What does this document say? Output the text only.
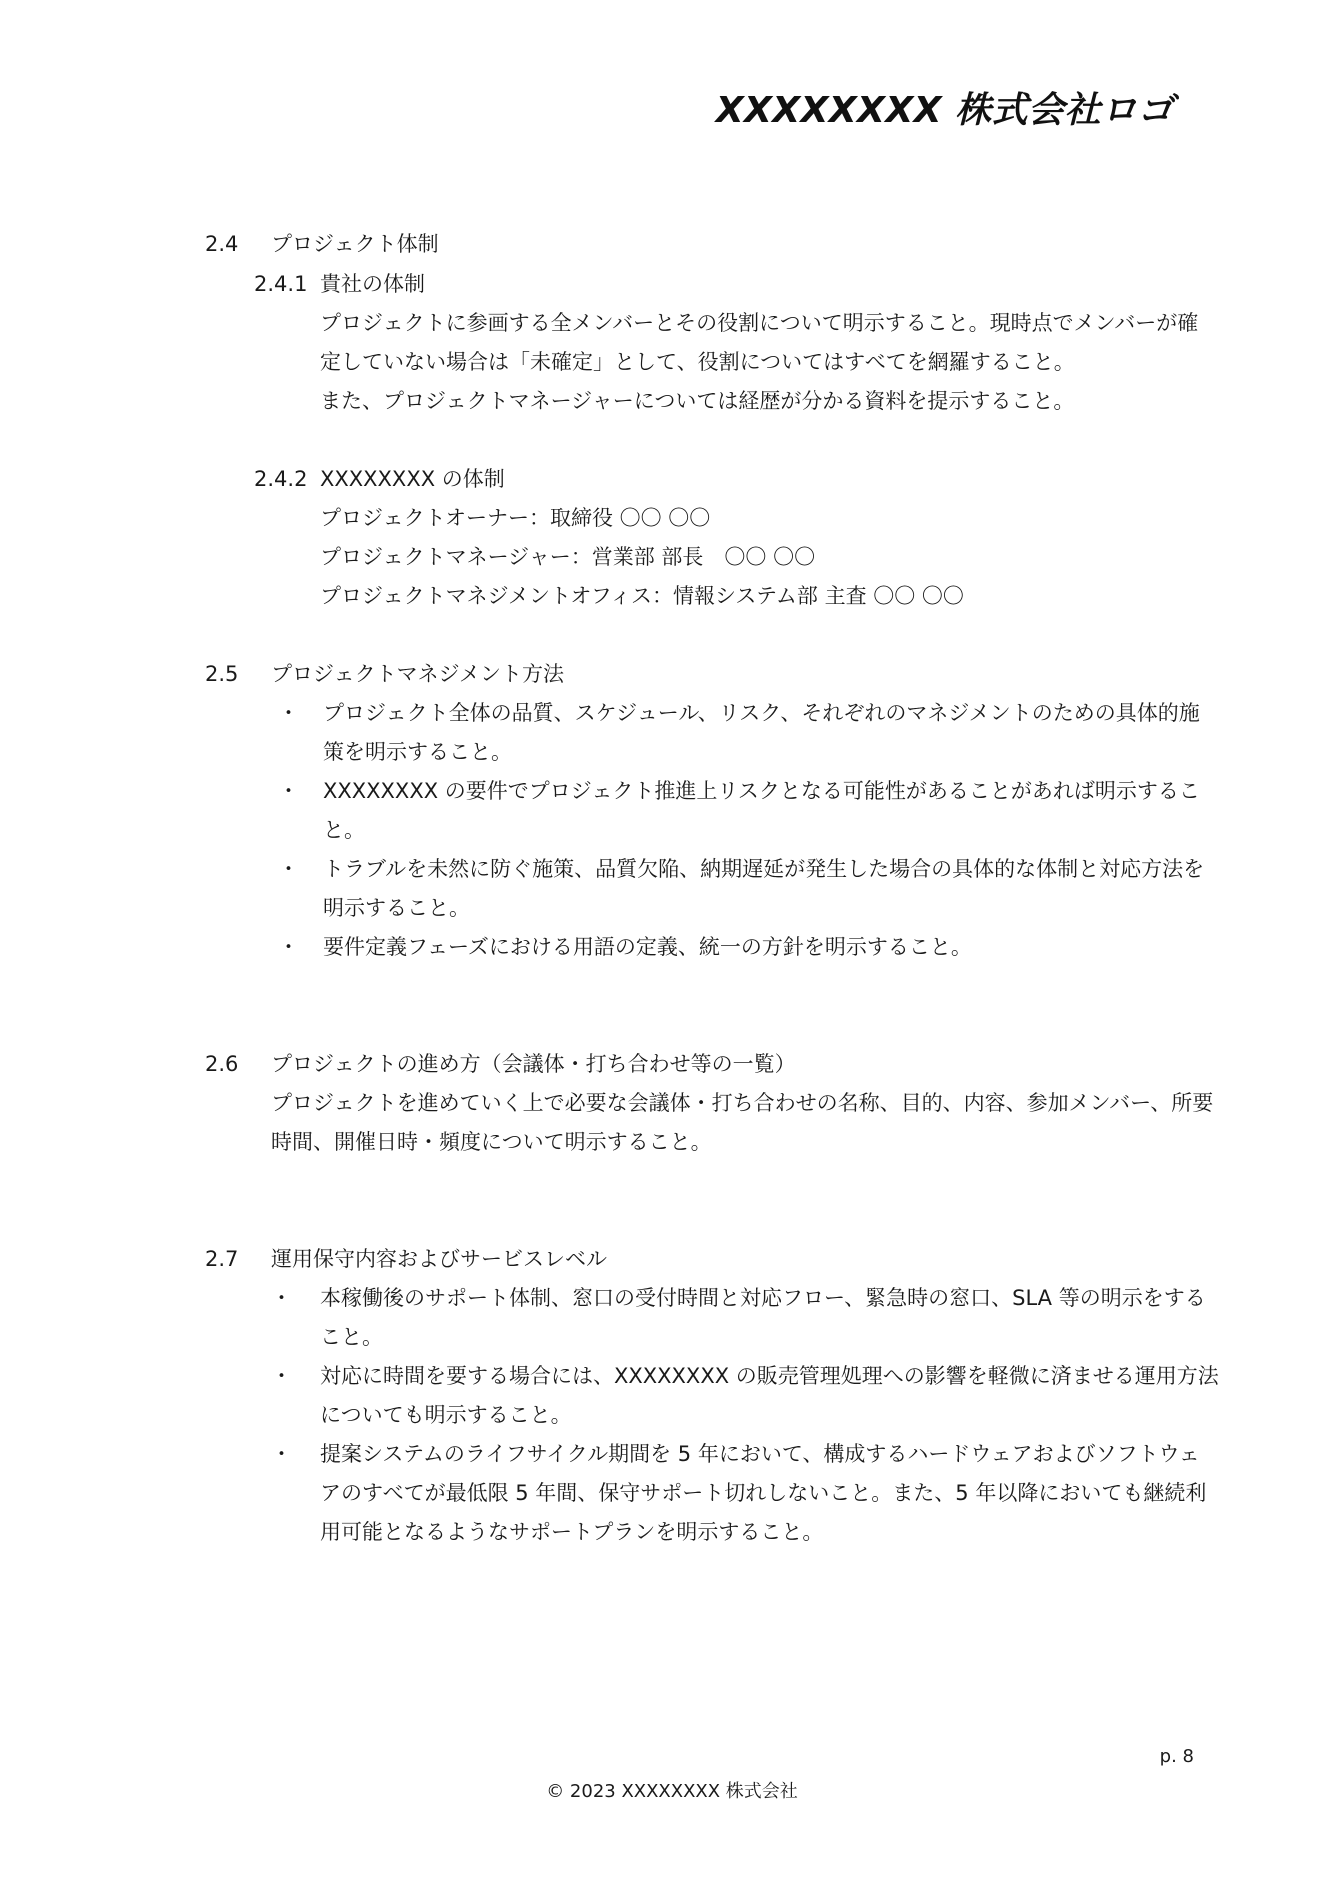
XXXXXXXX 株式会社ロゴ
2.4 プロジェクト体制
2.4.1 貴社の体制
プロジェクトに参画する全メンバーとその役割について明示すること。現時点でメンバーが確
定していない場合は「未確定」として、役割についてはすべてを網羅すること。
また、プロジェクトマネージャーについては経歴が分かる資料を提示すること。
2.4.2 XXXXXXXX の体制
プロジェクトオーナー：取締役 〇〇 〇〇
プロジェクトマネージャー：営業部 部長　〇〇 〇〇
プロジェクトマネジメントオフィス：情報システム部 主査 〇〇 〇〇
2.5 プロジェクトマネジメント方法
・ プロジェクト全体の品質、スケジュール、リスク、それぞれのマネジメントのための具体的施
策を明示すること。
・ XXXXXXXX の要件でプロジェクト推進上リスクとなる可能性があることがあれば明示するこ
と。
・ トラブルを未然に防ぐ施策、品質欠陥、納期遅延が発生した場合の具体的な体制と対応方法を
明示すること。
・ 要件定義フェーズにおける用語の定義、統一の方針を明示すること。
2.6 プロジェクトの進め方（会議体・打ち合わせ等の一覧）
プロジェクトを進めていく上で必要な会議体・打ち合わせの名称、目的、内容、参加メンバー、所要
時間、開催日時・頻度について明示すること。
2.7 運用保守内容およびサービスレベル
・ 本稼働後のサポート体制、窓口の受付時間と対応フロー、緊急時の窓口、SLA 等の明示をする
こと。
・ 対応に時間を要する場合には、XXXXXXXX の販売管理処理への影響を軽微に済ませる運用方法
についても明示すること。
・ 提案システムのライフサイクル期間を 5 年において、構成するハードウェアおよびソフトウェ
アのすべてが最低限 5 年間、保守サポート切れしないこと。また、5 年以降においても継続利
用可能となるようなサポートプランを明示すること。
p. 8
© 2023 XXXXXXXX 株式会社
